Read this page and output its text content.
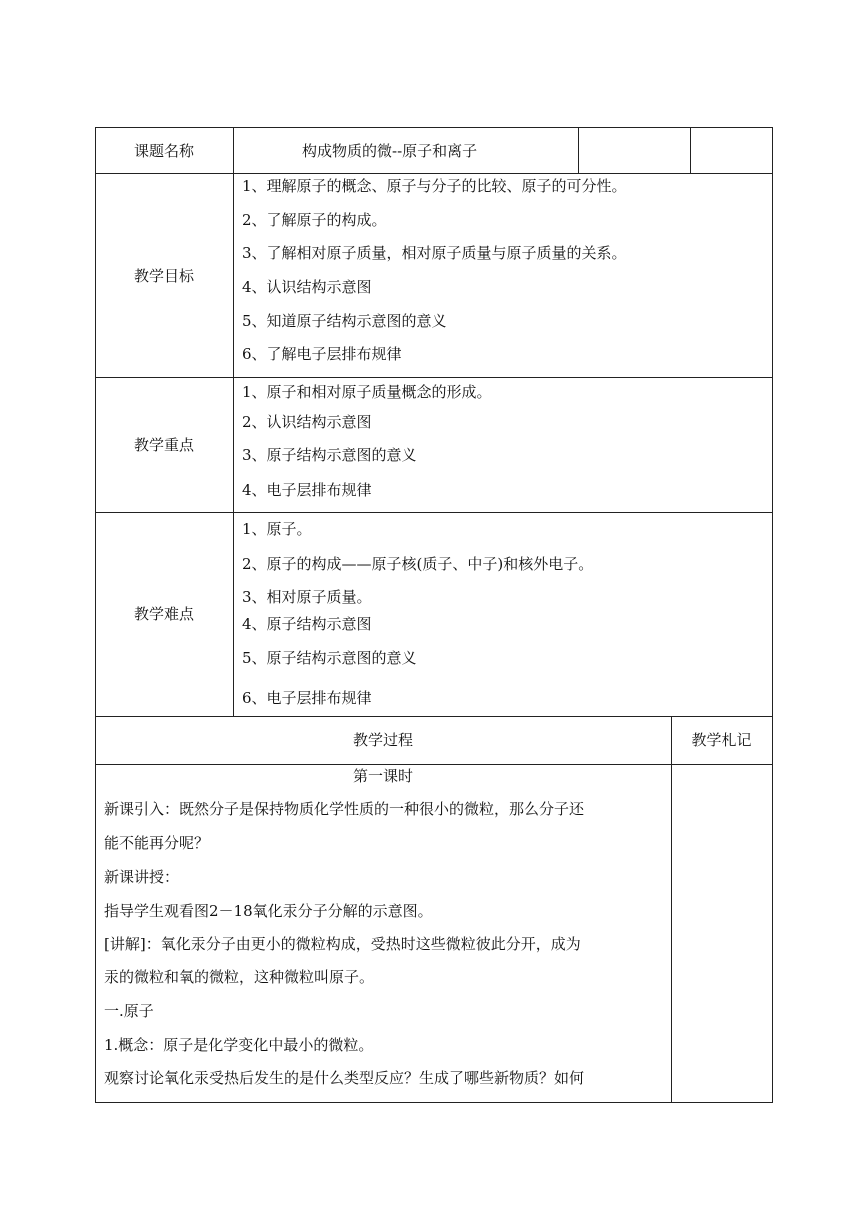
课题名称	构成物质的微--原子和离子
教学目标
1、理解原子的概念、原子与分子的比较、原子的可分性。
2、了解原子的构成。
3、了解相对原子质量，相对原子质量与原子质量的关系。
4、认识结构示意图
5、知道原子结构示意图的意义
6、了解电子层排布规律
教学重点
1、原子和相对原子质量概念的形成。
2、认识结构示意图
3、原子结构示意图的意义
4、电子层排布规律
教学难点
1、原子。
2、原子的构成——原子核(质子、中子)和核外电子。
3、相对原子质量。
4、原子结构示意图
5、原子结构示意图的意义
6、电子层排布规律
教学过程	教学札记
第一课时
新课引入：既然分子是保持物质化学性质的一种很小的微粒，那么分子还
能不能再分呢？
新课讲授：
指导学生观看图2－18氧化汞分子分解的示意图。
[讲解]：氧化汞分子由更小的微粒构成，受热时这些微粒彼此分开，成为
汞的微粒和氧的微粒，这种微粒叫原子。
一.原子
1.概念：原子是化学变化中最小的微粒。
观察讨论氧化汞受热后发生的是什么类型反应？生成了哪些新物质？如何
